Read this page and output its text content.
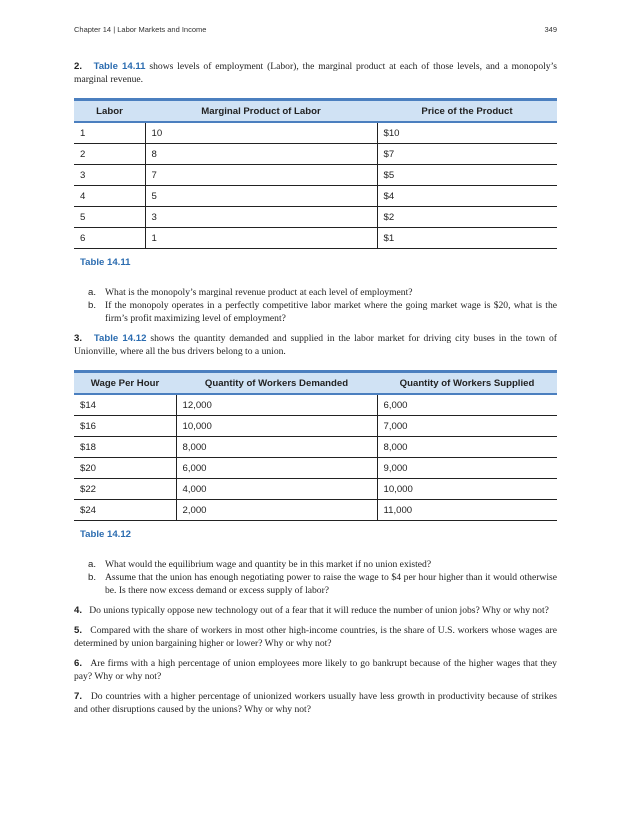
Chapter 14 | Labor Markets and Income	349

2. Table 14.11 shows levels of employment (Labor), the marginal product at each of those levels, and a monopoly’s marginal revenue.

Labor	Marginal Product of Labor	Price of the Product
1	10	$10
2	8	$7
3	7	$5
4	5	$4
5	3	$2
6	1	$1
Table 14.11
a. What is the monopoly’s marginal revenue product at each level of employment?
b. If the monopoly operates in a perfectly competitive labor market where the going market wage is $20, what is the firm’s profit maximizing level of employment?

3. Table 14.12 shows the quantity demanded and supplied in the labor market for driving city buses in the town of Unionville, where all the bus drivers belong to a union.

Wage Per Hour	Quantity of Workers Demanded	Quantity of Workers Supplied
$14	12,000	6,000
$16	10,000	7,000
$18	8,000	8,000
$20	6,000	9,000
$22	4,000	10,000
$24	2,000	11,000
Table 14.12
a. What would the equilibrium wage and quantity be in this market if no union existed?
b. Assume that the union has enough negotiating power to raise the wage to $4 per hour higher than it would otherwise be. Is there now excess demand or excess supply of labor?

4. Do unions typically oppose new technology out of a fear that it will reduce the number of union jobs? Why or why not?

5. Compared with the share of workers in most other high-income countries, is the share of U.S. workers whose wages are determined by union bargaining higher or lower? Why or why not?

6. Are firms with a high percentage of union employees more likely to go bankrupt because of the higher wages that they pay? Why or why not?

7. Do countries with a higher percentage of unionized workers usually have less growth in productivity because of strikes and other disruptions caused by the unions? Why or why not?
